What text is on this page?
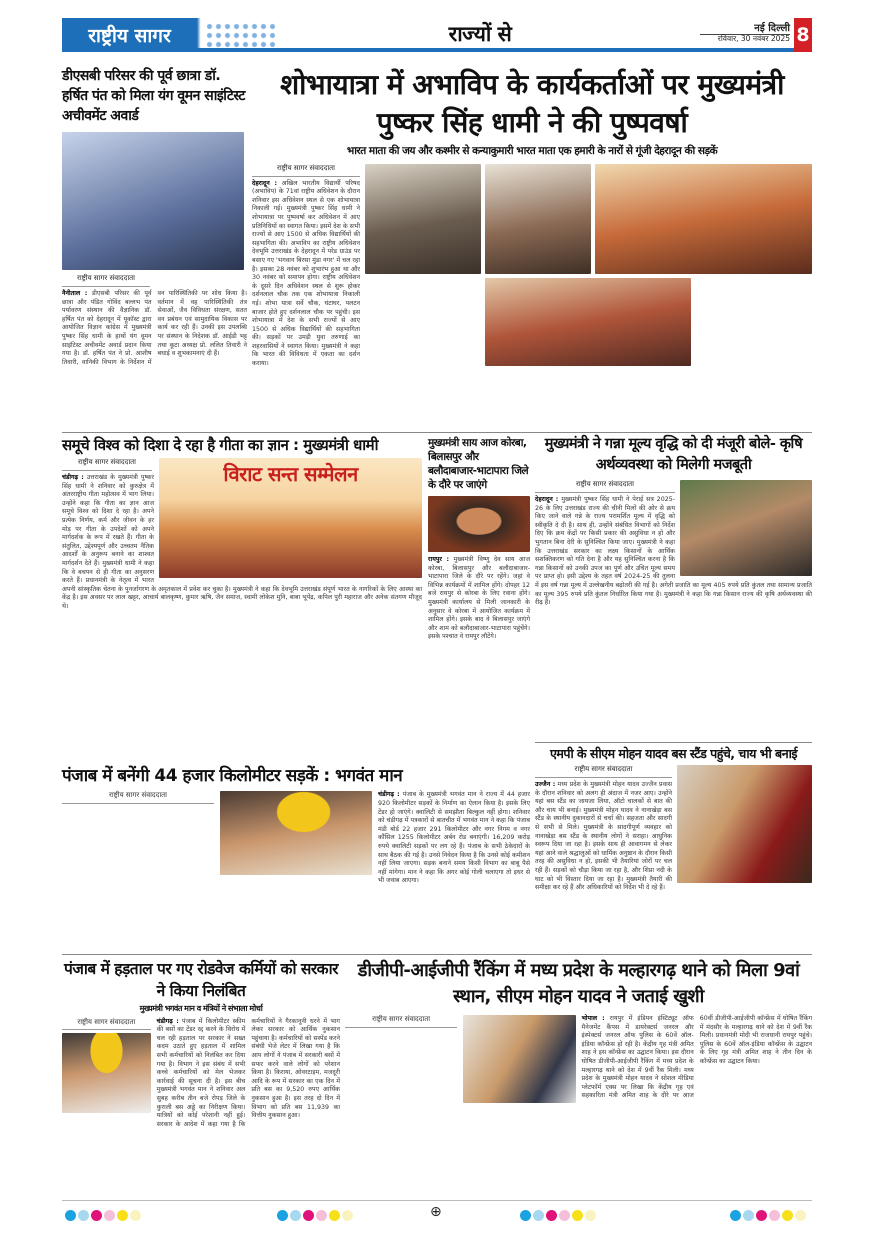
राष्ट्रीय सागर	राज्यों से	नई दिल्ली
रविवार, 30 नवंबर 2025 8
web: rashtriyasagar.com
डीएसबी परिसर की पूर्व छात्रा डॉ. हर्षित पंत को मिला यंग वूमन साइंटिस्ट अचीवमेंट अवार्ड
राष्ट्रीय सागर संवाददाता
नैनीताल : डीएसबी परिसर की पूर्व छात्रा और पंडित गोविंद बल्लभ पंत पर्यावरण संस्थान की वैज्ञानिक डॉ. हर्षित पंत को देहरादून में यूकॉस्ट द्वारा आयोजित विज्ञान कांग्रेस में मुख्यमंत्री पुष्कर सिंह धामी के हाथों यंग वूमन साइंटिस्ट अचीवमेंट अवार्ड प्रदान किया गया है। डॉ. हर्षित पंत ने प्रो. आशीष तिवारी, वानिकी विभाग के निर्देशन में वन पारिस्थितिकी पर शोध किया है। वर्तमान में वह पारिस्थितिकी तंत्र सेवाओं, जैव विविधता संरक्षण, सतत वन प्रबंधन एवं सामुदायिक विकास पर कार्य कर रही हैं। उनकी इस उपलब्धि पर संस्थान के निदेशक डॉ. आईडी भट्ट तथा कूटा अध्यक्ष प्रो. ललित तिवारी ने बधाई व शुभकामनाएं दी हैं।
शोभायात्रा में अभाविप के कार्यकर्ताओं पर मुख्यमंत्री पुष्कर सिंह धामी ने की पुष्पवर्षा
भारत माता की जय और कश्मीर से कन्याकुमारी भारत माता एक हमारी के नारों से गूंजी देहरादून की सड़कें
राष्ट्रीय सागर संवाददाता
देहरादून : अखिल भारतीय विद्यार्थी परिषद (अभाविप) के 71वां राष्ट्रीय अधिवेशन के दौरान शनिवार इस अधिवेशन स्थल से एक शोभायात्रा निकाली गई। मुख्यमंत्री पुष्कर सिंह धामी ने शोभायात्रा पर पुष्पवर्षा कर अधिवेशन में आए प्रतिनिधियों का स्वागत किया। इसमें देश के सभी राज्यों से आए 1500 से अधिक विद्यार्थियों की सहभागिता की। अभाविप का राष्ट्रीय अधिवेशन देवभूमि उत्तराखंड के देहरादून में परेड ग्राउंड पर बसाए गए 'भगवान बिरसा मुंडा नगर' में चल रहा है। इसका 28 नवंबर को शुभारंभ हुआ था और 30 नवंबर को समापन होगा। राष्ट्रीय अधिवेशन के दूसरे दिन अधिवेशन स्थल से शुरू होकर दर्शनलाल चौक तक एक शोभायात्रा निकाली गई। शोभा यात्रा सर्वे चौक, घंटाघर, पलटन बाजार होते हुए दर्शनलाल चौक पर पहुंची। इस शोभायात्रा में देश के सभी राज्यों से आए 1500 से अधिक विद्यार्थियों की सहभागिता की। सड़कों पर उमड़ी युवा तरुणाई का शहरवासियों ने स्वागत किया। मुख्यमंत्री ने कहा कि भारत की विविधता में एकता का दर्शन कराया।
समूचे विश्व को दिशा दे रहा है गीता का ज्ञान : मुख्यमंत्री धामी
विराट सन्त सम्मेलन
राष्ट्रीय सागर संवाददाता
चंडीगढ़ : उत्तराखंड के मुख्यमंत्री पुष्कर सिंह धामी ने शनिवार को कुरुक्षेत्र में अंतरराष्ट्रीय गीता महोत्सव में भाग लिया। उन्होंने कहा कि गीता का ज्ञान आज समूचे विश्व को दिशा दे रहा है। अपने प्रत्येक निर्णय, कर्म और जीवन के हर मोड़ पर गीता के उपदेशों को अपने मार्गदर्शक के रूप में रखते हैं। गीता के संतुलित, उद्देश्यपूर्ण और उच्चतम नैतिक आदर्शों के अनुरूप बनाने का शाश्वत मार्गदर्शन देते हैं। मुख्यमंत्री धामी ने कहा कि वे बचपन से ही गीता का अनुसरण करते हैं। प्रधानमंत्री के नेतृत्व में भारत अपनी सांस्कृतिक चेतना के पुनर्जागरण के अमृतकाल में प्रवेश कर चुका है। मुख्यमंत्री ने कहा कि देवभूमि उत्तराखंड संपूर्ण भारत के नागरिकों के लिए आस्था का केंद्र है। इस अवसर पर लाल खट्टर, आचार्य बालकृष्ण, कुमार ऋषि, जैन समाज, स्वामी लोकेश मुनि, बाबा भूपेंद्र, कपिल पुरी महाराज और अनेक संतगण मौजूद थे।
मुख्यमंत्री साय आज कोरबा, बिलासपुर और बलौदाबाजार-भाटापारा जिले के दौरे पर जाएंगे
रायपुर : मुख्यमंत्री विष्णु देव साय आज कोरबा, बिलासपुर और बलौदाबाजार-भाटापारा जिले के दौरे पर रहेंगे। जहां वे विभिन्न कार्यक्रमों में शामिल होंगे। दोपहर 12 बजे रायपुर से कोरबा के लिए रवाना होंगे। मुख्यमंत्री कार्यालय से मिली जानकारी के अनुसार वे कोरबा में आयोजित कार्यक्रम में शामिल होंगे। इसके बाद वे बिलासपुर जाएंगे और शाम को बलौदाबाजार-भाटापारा पहुंचेंगे। इसके पश्चात वे रायपुर लौटेंगे।
मुख्यमंत्री ने गन्ना मूल्य वृद्धि को दी मंजूरी बोले- कृषि अर्थव्यवस्था को मिलेगी मजबूती
राष्ट्रीय सागर संवाददाता
देहरादून : मुख्यमंत्री पुष्कर सिंह धामी ने पेराई सत्र 2025-26 के लिए उत्तराखंड राज्य की चीनी मिलों की ओर से क्रय किए जाने वाले गन्ने के राज्य परामर्शित मूल्य में वृद्धि को स्वीकृति दे दी है। साथ ही, उन्होंने संबंधित विभागों को निर्देश दिए कि क्रय केंद्रों पर किसी प्रकार की असुविधा न हो और भुगतान बिना देरी के सुनिश्चित किया जाए। मुख्यमंत्री ने कहा कि उत्तराखंड सरकार का लक्ष्य किसानों के आर्थिक सशक्तिकरण को गति देना है और यह सुनिश्चित करना है कि गन्ना किसानों को उनकी उपज का पूर्ण और उचित मूल्य समय पर प्राप्त हो। इसी उद्देश्य के तहत वर्ष 2024-25 की तुलना में इस वर्ष गन्ना मूल्य में उल्लेखनीय बढ़ोतरी की गई है। अगेती प्रजाति का मूल्य 405 रुपये प्रति कुंतल तथा सामान्य प्रजाति का मूल्य 395 रुपये प्रति कुंतल निर्धारित किया गया है। मुख्यमंत्री ने कहा कि गन्ना किसान राज्य की कृषि अर्थव्यवस्था की रीढ़ हैं।
एमपी के सीएम मोहन यादव बस स्टैंड पहुंचे, चाय भी बनाई
राष्ट्रीय सागर संवाददाता
उज्जैन : मध्य प्रदेश के मुख्यमंत्री मोहन यादव उज्जैन प्रवास के दौरान शनिवार को अलग ही अंदाज में नजर आए। उन्होंने यहां बस स्टैंड का जायजा लिया, ऑटो चालकों से बात की और चाय भी बनाई। मुख्यमंत्री मोहन यादव ने नानाखेड़ा बस स्टैंड के स्थानीय दुकानदारों से चर्चा की। सहजता और सादगी से सभी से मिले। मुख्यमंत्री के सादगीपूर्ण व्यवहार को नानाखेड़ा बस स्टैंड के स्थानीय लोगों ने सराहा। आधुनिक स्वरूप दिया जा रहा है। इसके साथ ही आवागमन से लेकर यहां आने वाले श्रद्धालुओं को धार्मिक अनुष्ठान के दौरान किसी तरह की असुविधा न हो, इसकी भी तैयारियां जोरों पर चल रही हैं। सड़कों को चौड़ा किया जा रहा है, और शिप्रा नदी के घाट को भी विस्तार दिया जा रहा है। मुख्यमंत्री तैयारी की समीक्षा कर रहे हैं और अधिकारियों को निर्देश भी दे रहे हैं।
पंजाब में बनेंगी 44 हजार किलोमीटर सड़कें : भगवंत मान
राष्ट्रीय सागर संवाददाता	चंडीगढ़ : पंजाब के मुख्यमंत्री भगवंत मान ने राज्य में 44 हजार 920 किलोमीटर सड़कों के निर्माण का ऐलान किया है। इसके लिए टेंडर हो जाएंगे। क्वालिटी से समझौता बिल्कुल नहीं होगा। शनिवार को चंडीगढ़ में पत्रकारों से बातचीत में भगवंत मान ने कहा कि पंजाब मंडी बोर्ड 22 हजार 291 किलोमीटर और नगर निगम व नगर कौंसिल 1255 किलोमीटर अर्बन रोड बनाएंगी। 16,209 करोड़ रुपये क्वालिटी सड़कों पर लग रहे हैं। पंजाब के सभी ठेकेदारों के साथ बैठक की गई है। उनसे निवेदन किया है कि उनसे कोई कमीशन नहीं लिया जाएगा। सड़क बनाने समय किसी विभाग का बाबू पैसे नहीं मांगेगा। मान ने कहा कि अगर कोई गोली चलाएगा तो इधर से भी जवाब आएगा।
पंजाब में हड़ताल पर गए रोडवेज कर्मियों को सरकार ने किया निलंबित
मुख्यमंत्री भगवंत मान व मंत्रियों ने संभाला मोर्चा
राष्ट्रीय सागर संवाददाता	चंडीगढ़ : पंजाब में किलोमीटर स्कीम की बसों का टेंडर रद्द करने के विरोध में चल रही हड़ताल पर सरकार ने सख्त कदम उठाते हुए हड़ताल में शामिल सभी कर्मचारियों को निलंबित कर दिया गया है। विभाग ने इस संबंध में सभी कच्चे कर्मचारियों को मेल भेजकर कार्रवाई की सूचना दी है। इस बीच मुख्यमंत्री भगवंत मान ने शनिवार अल सुबह करीब तीन बजे रोपड़ जिले के कुराली बस अड्डे का निरीक्षण किया। यात्रियों को कोई परेशानी नहीं हुई। सरकार के आदेश में कहा गया है कि कर्मचारियों ने गैरकानूनी धरने में भाग लेकर सरकार को आर्थिक नुकसान पहुंचाया है। कर्मचारियों को सस्पेंड करने संबंधी भेजे लेटर में लिखा गया है कि आप लोगों ने पंजाब में सरकारी बसों में सफर करने वाले लोगों को परेशान किया है। किराया, ओवरटाइम, मजदूरी आदि के रूप में सरकार का एक दिन में प्रति बस का 9,520 रुपए आर्थिक नुकसान हुआ है। इस तरह दो दिन में विभाग को प्रति बस 11,939 का वित्तीय नुकसान हुआ।
डीजीपी-आईजीपी रैंकिंग में मध्य प्रदेश के मल्हारगढ़ थाने को मिला 9वां स्थान, सीएम मोहन यादव ने जताई खुशी
राष्ट्रीय सागर संवाददाता	भोपाल : रायपुर में इंडियन इंस्टिट्यूट ऑफ मैनेजमेंट कैंपस में डायरेक्टर्स जनरल और इंस्पेक्टर्स जनरल ऑफ पुलिस के 60वें ऑल-इंडिया कॉन्फ्रेंस हो रही है। केंद्रीय गृह मंत्री अमित शाह ने इस कॉन्फ्रेंस का उद्घाटन किया। इस दौरान घोषित डीजीपी-आईजीपी रैंकिंग में मध्य प्रदेश के मल्हारगढ़ थाने को देश में 9वीं रैंक मिली। मध्य प्रदेश के मुख्यमंत्री मोहन यादव ने सोशल मीडिया प्लेटफॉर्म एक्स पर लिखा कि केंद्रीय गृह एवं सहकारिता मंत्री अमित शाह के दौरे पर आज 60वीं डीजीपी-आईजीपी कॉन्फ्रेंस में घोषित रैंकिंग में मंदसौर के मल्हारगढ़ थाने को देश में 9वीं रैंक मिली। प्रधानमंत्री मोदी भी राजधानी रायपुर पहुंचे। पुलिस के 60वें ऑल-इंडिया कॉन्फ्रेंस के उद्घाटन के लिए गृह मंत्री अमित शाह ने तीन दिन के कॉन्फ्रेंस का उद्घाटन किया।
⊕
